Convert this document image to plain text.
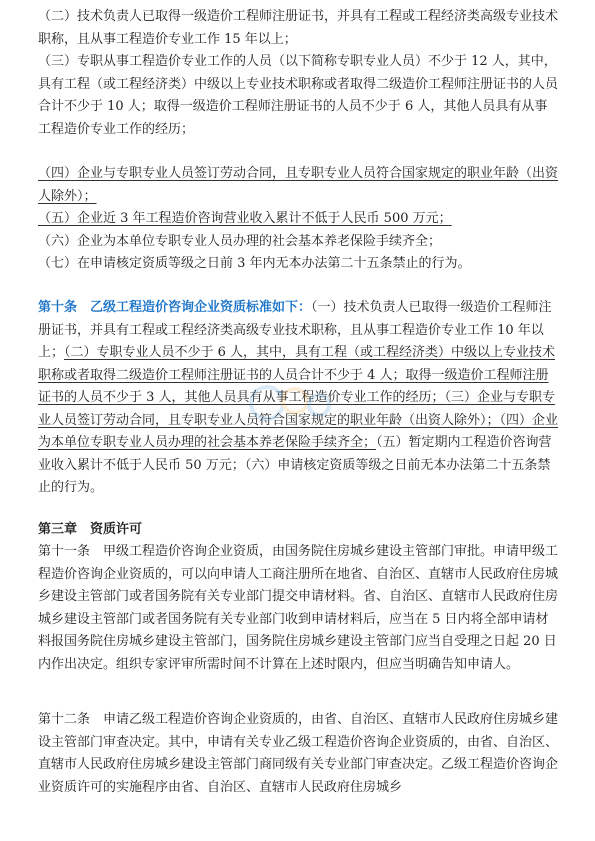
（二）技术负责人已取得一级造价工程师注册证书，并具有工程或工程经济类高级专业技术职称，且从事工程造价专业工作 15 年以上；
（三）专职从事工程造价专业工作的人员（以下简称专职专业人员）不少于 12 人，其中，具有工程（或工程经济类）中级以上专业技术职称或者取得二级造价工程师注册证书的人员合计不少于 10 人；取得一级造价工程师注册证书的人员不少于 6 人，其他人员具有从事工程造价专业工作的经历；
（四）企业与专职专业人员签订劳动合同，且专职专业人员符合国家规定的职业年龄（出资人除外）；
（五）企业近 3 年工程造价咨询营业收入累计不低于人民币 500 万元；
（六）企业为本单位专职专业人员办理的社会基本养老保险手续齐全；
（七）在申请核定资质等级之日前 3 年内无本办法第二十五条禁止的行为。
第十条　乙级工程造价咨询企业资质标准如下：（一）技术负责人已取得一级造价工程师注册证书，并具有工程或工程经济类高级专业技术职称，且从事工程造价专业工作 10 年以上；（二）专职专业人员不少于 6 人，其中，具有工程（或工程经济类）中级以上专业技术职称或者取得二级造价工程师注册证书的人员合计不少于 4 人；取得一级造价工程师注册证书的人员不少于 3 人，其他人员具有从事工程造价专业工作的经历；（三）企业与专职专业人员签订劳动合同，且专职专业人员符合国家规定的职业年龄（出资人除外）；（四）企业为本单位专职专业人员办理的社会基本养老保险手续齐全；（五）暂定期内工程造价咨询营业收入累计不低于人民币 50 万元；（六）申请核定资质等级之日前无本办法第二十五条禁止的行为。
第三章　资质许可
第十一条　甲级工程造价咨询企业资质，由国务院住房城乡建设主管部门审批。申请甲级工程造价咨询企业资质的，可以向申请人工商注册所在地省、自治区、直辖市人民政府住房城乡建设主管部门或者国务院有关专业部门提交申请材料。省、自治区、直辖市人民政府住房城乡建设主管部门或者国务院有关专业部门收到申请材料后，应当在 5 日内将全部申请材料报国务院住房城乡建设主管部门，国务院住房城乡建设主管部门应当自受理之日起 20 日内作出决定。组织专家评审所需时间不计算在上述时限内，但应当明确告知申请人。
第十二条　申请乙级工程造价咨询企业资质的，由省、自治区、直辖市人民政府住房城乡建设主管部门审查决定。其中，申请有关专业乙级工程造价咨询企业资质的，由省、自治区、直辖市人民政府住房城乡建设主管部门商同级有关专业部门审查决定。乙级工程造价咨询企业资质许可的实施程序由省、自治区、直辖市人民政府住房城乡
